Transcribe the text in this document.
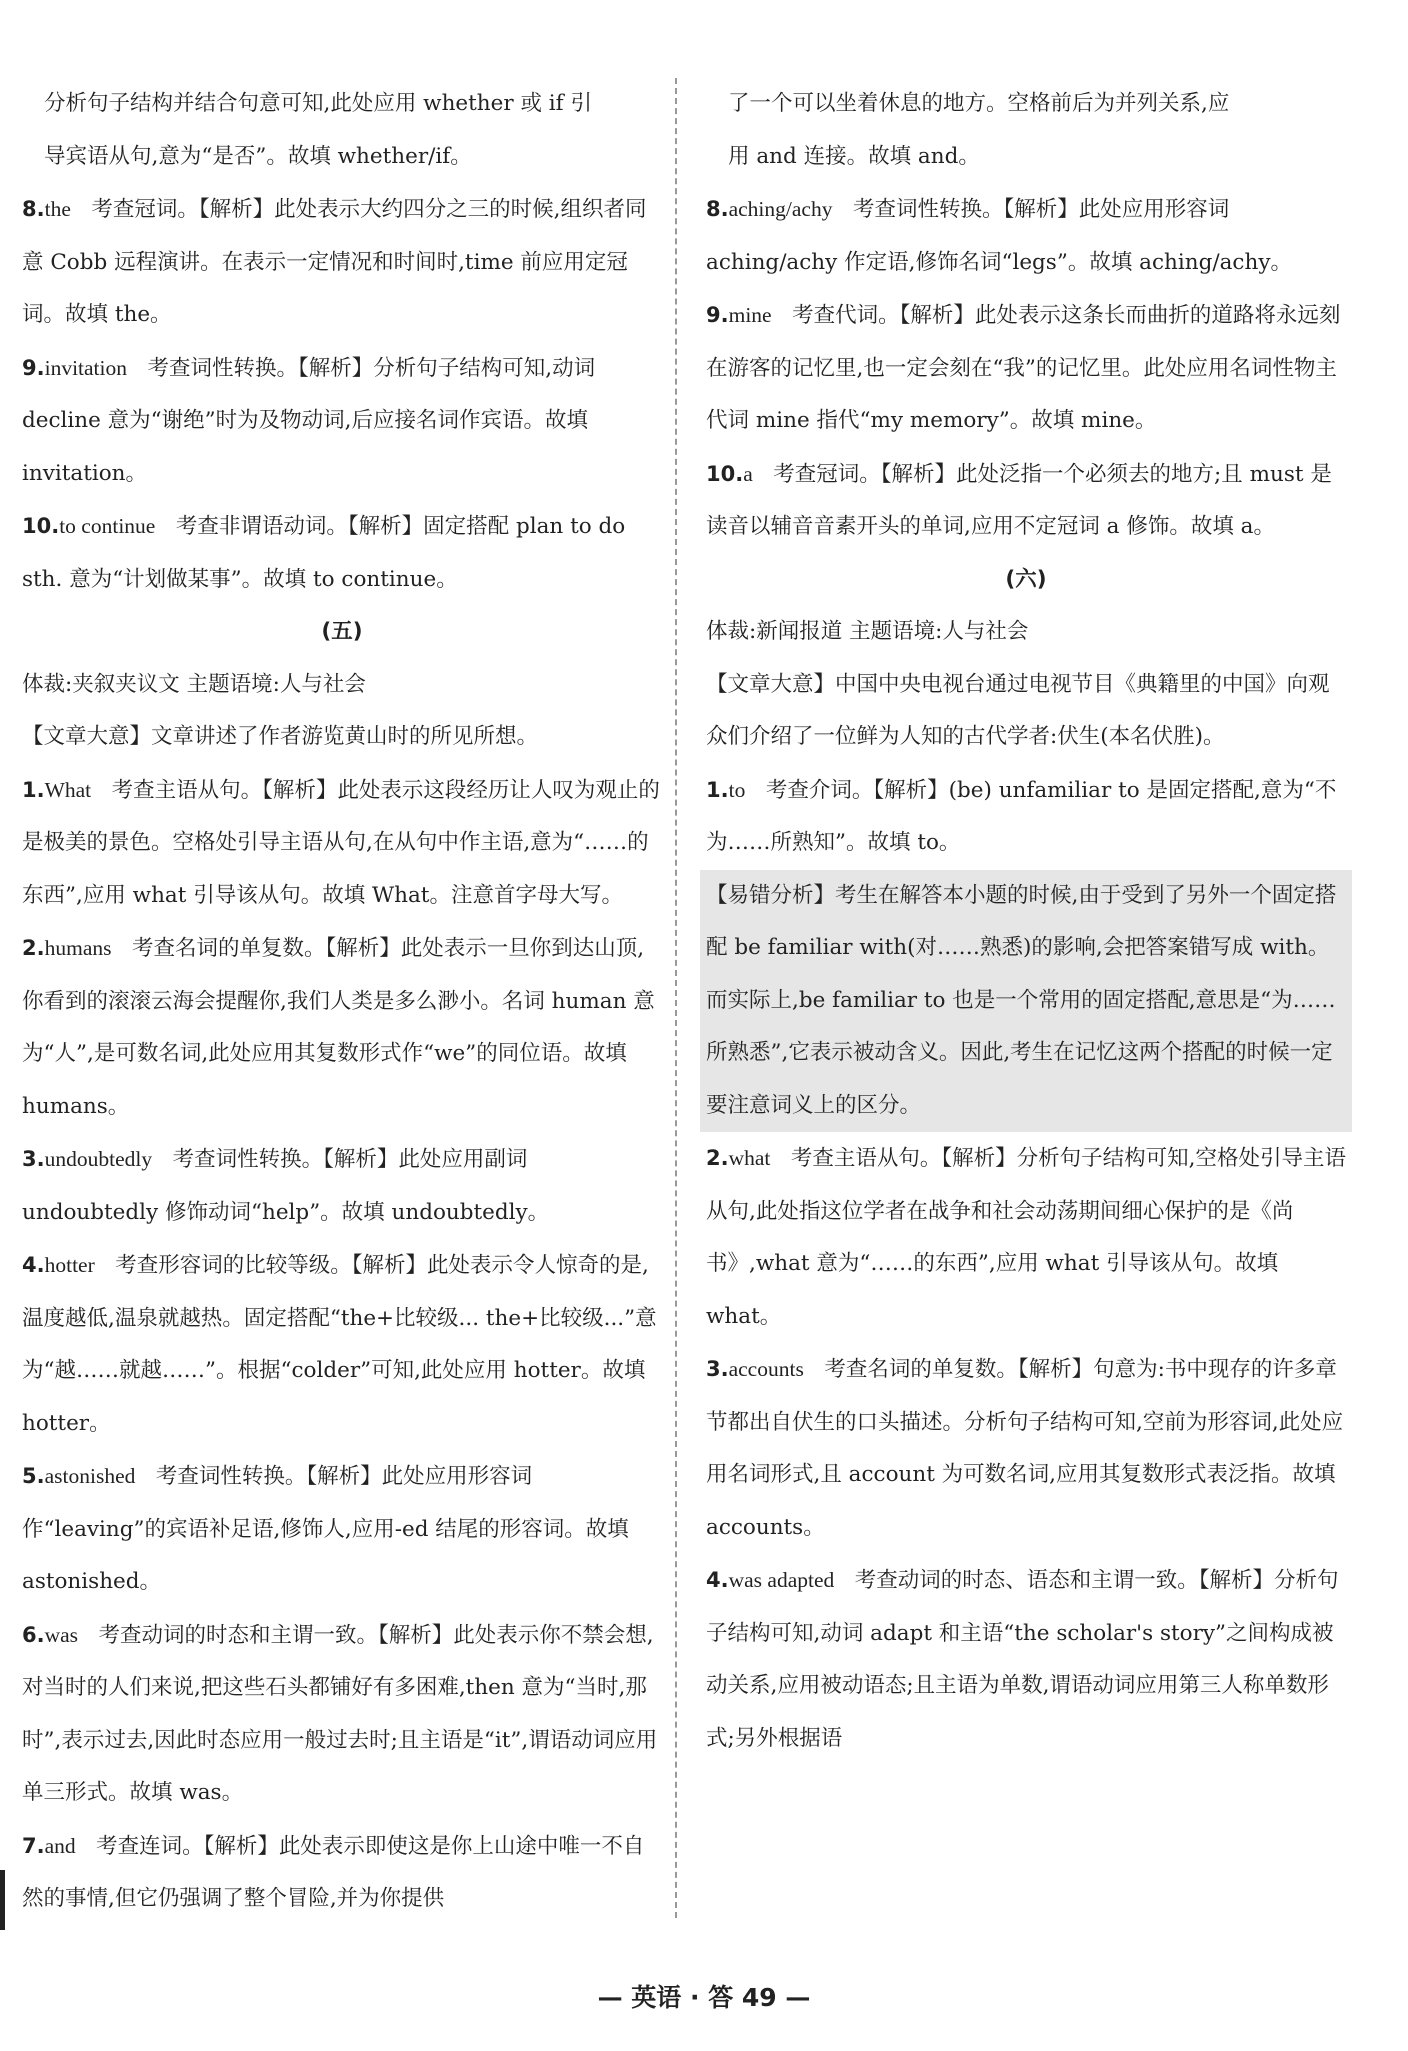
分析句子结构并结合句意可知,此处应用 whether 或 if 引

导宾语从句,意为“是否”。故填 whether/if。

8.the 考查冠词。【解析】此处表示大约四分之三的时候,组织者同意 Cobb 远程演讲。在表示一定情况和时间时,time 前应用定冠词。故填 the。
9.invitation 考查词性转换。【解析】分析句子结构可知,动词 decline 意为“谢绝”时为及物动词,后应接名词作宾语。故填 invitation。
10.to continue 考查非谓语动词。【解析】固定搭配 plan to do sth. 意为“计划做某事”。故填 to continue。
(五)
体裁:夹叙夹议文 主题语境:人与社会
【文章大意】文章讲述了作者游览黄山时的所见所想。
1.What 考查主语从句。【解析】此处表示这段经历让人叹为观止的是极美的景色。空格处引导主语从句,在从句中作主语,意为“……的东西”,应用 what 引导该从句。故填 What。注意首字母大写。
2.humans 考查名词的单复数。【解析】此处表示一旦你到达山顶,你看到的滚滚云海会提醒你,我们人类是多么渺小。名词 human 意为“人”,是可数名词,此处应用其复数形式作“we”的同位语。故填 humans。
3.undoubtedly 考查词性转换。【解析】此处应用副词 undoubtedly 修饰动词“help”。故填 undoubtedly。
4.hotter 考查形容词的比较等级。【解析】此处表示令人惊奇的是,温度越低,温泉就越热。固定搭配“the+比较级... the+比较级...”意为“越……就越……”。根据“colder”可知,此处应用 hotter。故填 hotter。
5.astonished 考查词性转换。【解析】此处应用形容词作“leaving”的宾语补足语,修饰人,应用-ed 结尾的形容词。故填 astonished。
6.was 考查动词的时态和主谓一致。【解析】此处表示你不禁会想,对当时的人们来说,把这些石头都铺好有多困难,then 意为“当时,那时”,表示过去,因此时态应用一般过去时;且主语是“it”,谓语动词应用单三形式。故填 was。
7.and 考查连词。【解析】此处表示即使这是你上山途中唯一不自然的事情,但它仍强调了整个冒险,并为你提供

了一个可以坐着休息的地方。空格前后为并列关系,应

用 and 连接。故填 and。

8.aching/achy 考查词性转换。【解析】此处应用形容词 aching/achy 作定语,修饰名词“legs”。故填 aching/achy。
9.mine 考查代词。【解析】此处表示这条长而曲折的道路将永远刻在游客的记忆里,也一定会刻在“我”的记忆里。此处应用名词性物主代词 mine 指代“my memory”。故填 mine。
10.a 考查冠词。【解析】此处泛指一个必须去的地方;且 must 是读音以辅音音素开头的单词,应用不定冠词 a 修饰。故填 a。
(六)
体裁:新闻报道 主题语境:人与社会
【文章大意】中国中央电视台通过电视节目《典籍里的中国》向观众们介绍了一位鲜为人知的古代学者:伏生(本名伏胜)。
1.to 考查介词。【解析】(be) unfamiliar to 是固定搭配,意为“不为……所熟知”。故填 to。
【易错分析】考生在解答本小题的时候,由于受到了另外一个固定搭配 be familiar with(对……熟悉)的影响,会把答案错写成 with。而实际上,be familiar to 也是一个常用的固定搭配,意思是“为……所熟悉”,它表示被动含义。因此,考生在记忆这两个搭配的时候一定要注意词义上的区分。
2.what 考查主语从句。【解析】分析句子结构可知,空格处引导主语从句,此处指这位学者在战争和社会动荡期间细心保护的是《尚书》,what 意为“……的东西”,应用 what 引导该从句。故填 what。
3.accounts 考查名词的单复数。【解析】句意为:书中现存的许多章节都出自伏生的口头描述。分析句子结构可知,空前为形容词,此处应用名词形式,且 account 为可数名词,应用其复数形式表泛指。故填 accounts。
4.was adapted 考查动词的时态、语态和主谓一致。【解析】分析句子结构可知,动词 adapt 和主语“the scholar's story”之间构成被动关系,应用被动语态;且主语为单数,谓语动词应用第三人称单数形式;另外根据语
— 英语 · 答 49 —
